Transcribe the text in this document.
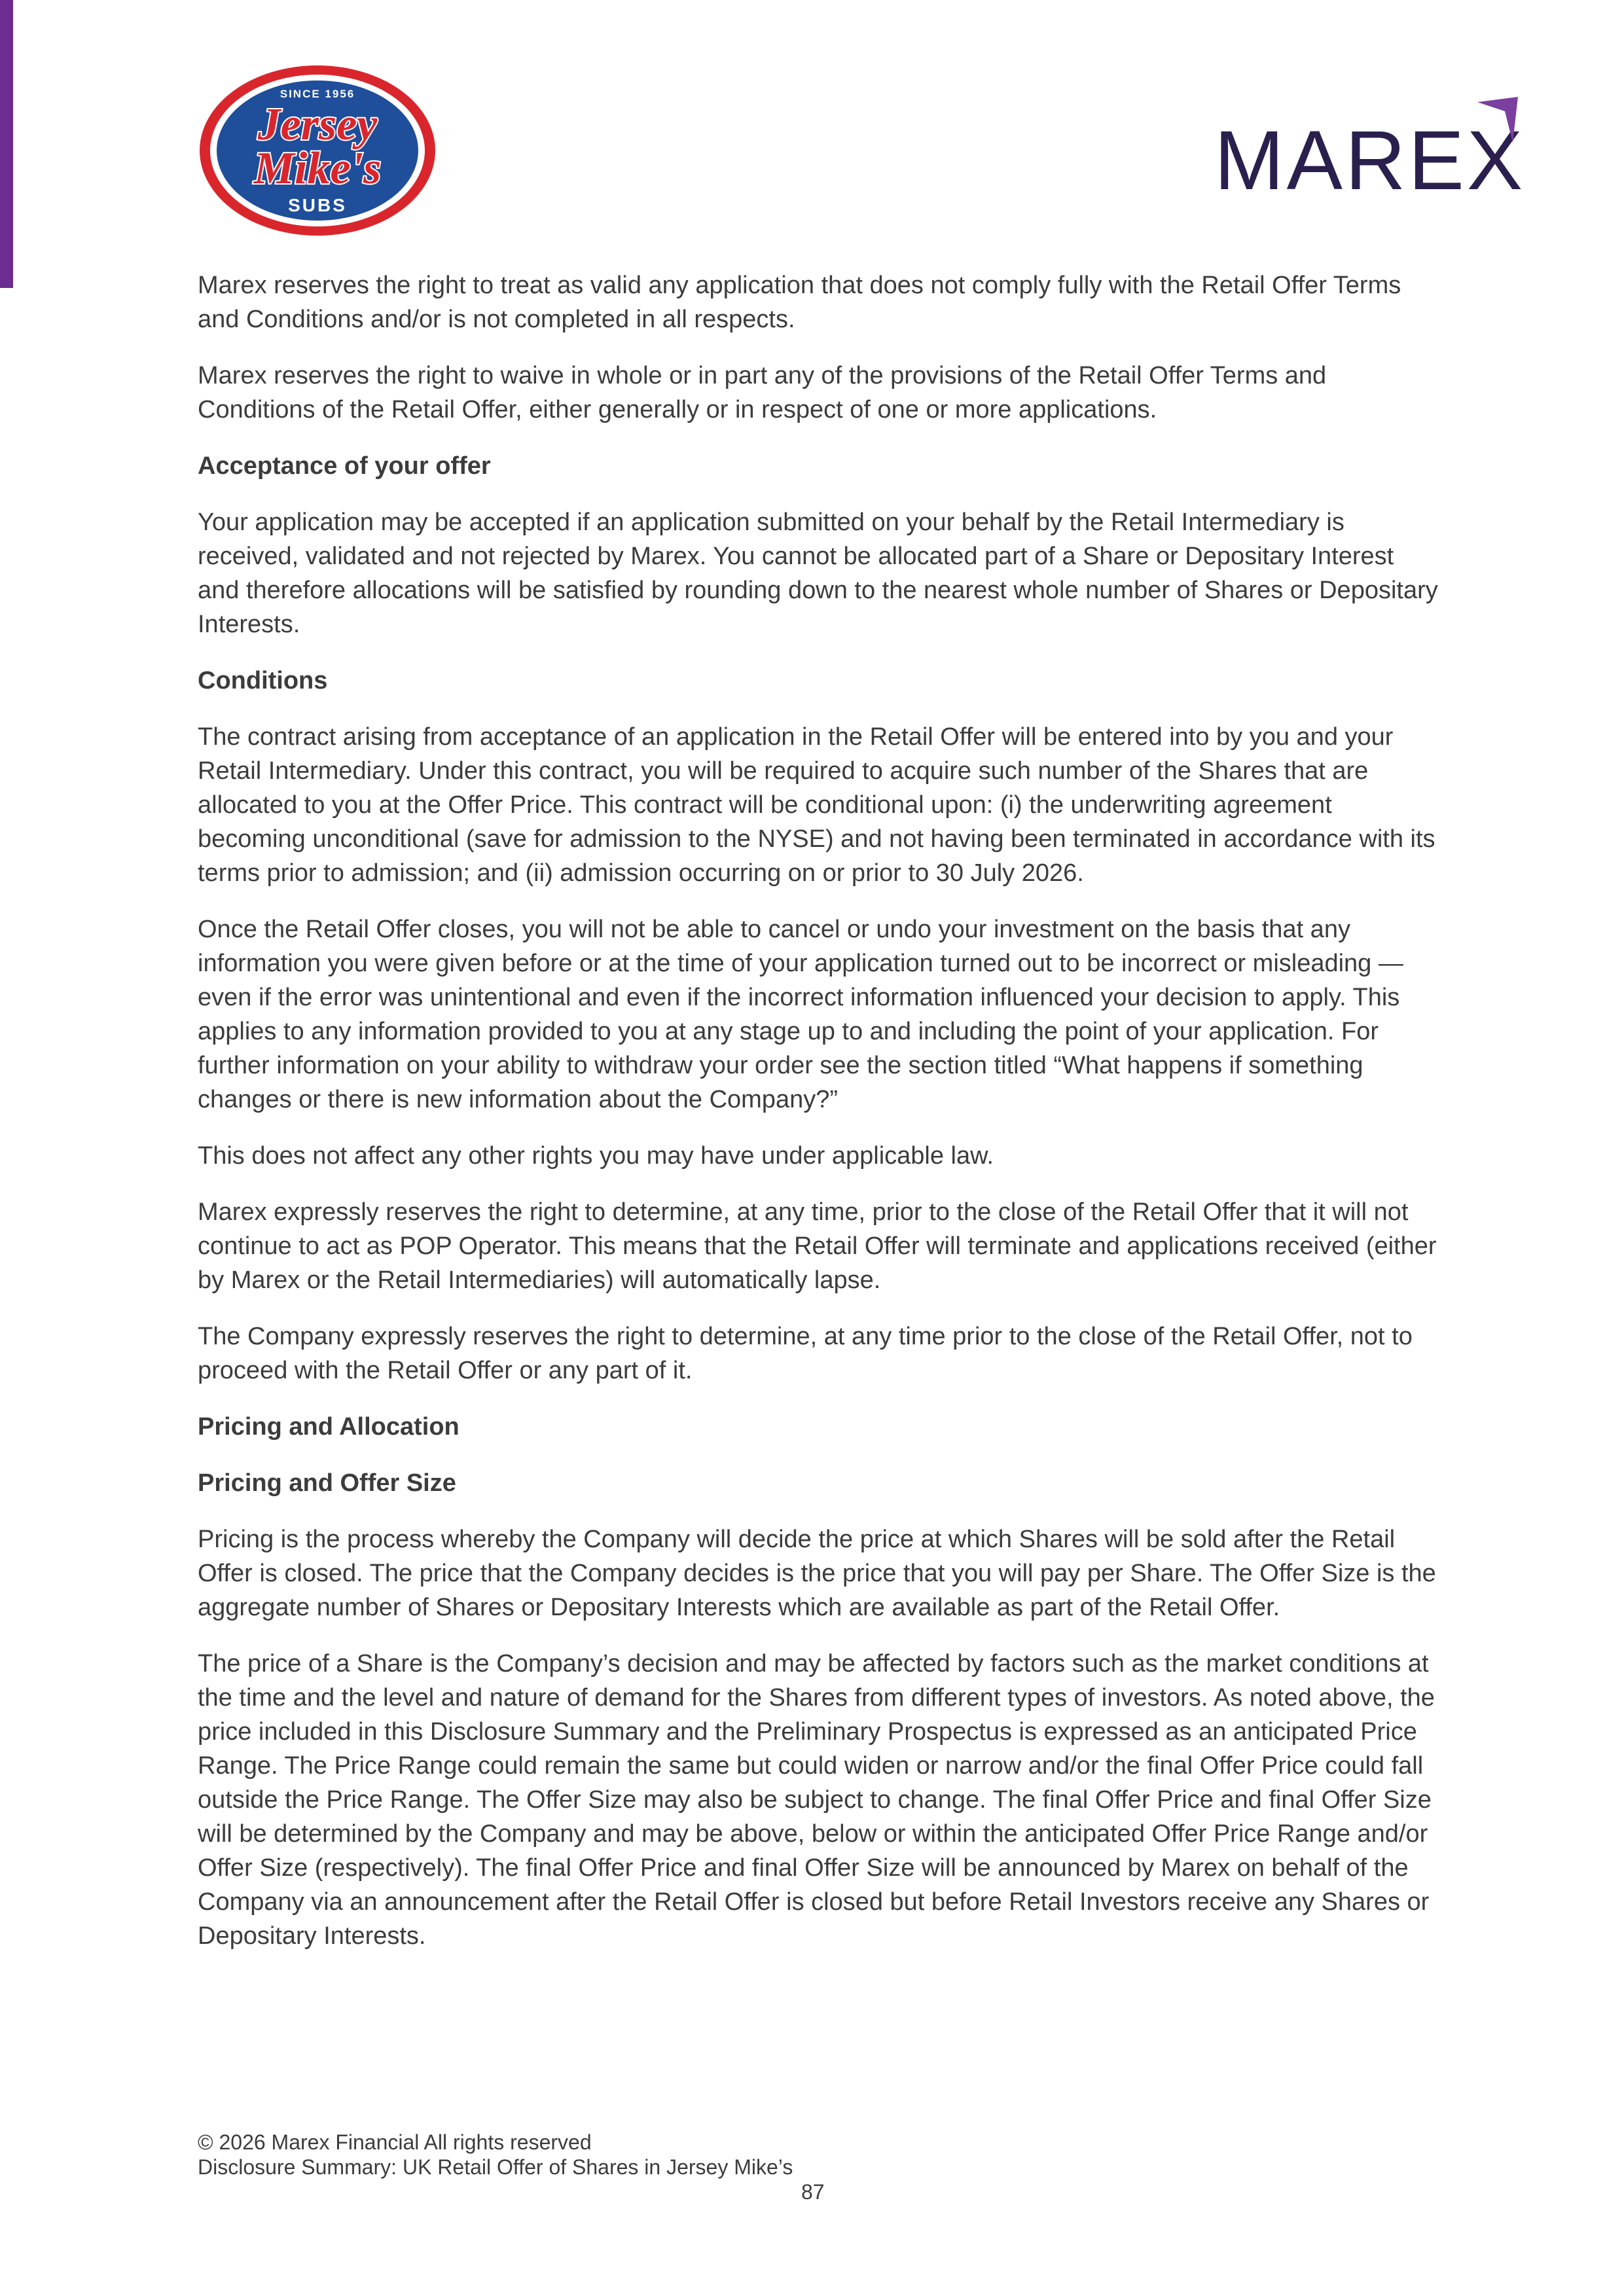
SINCE 1956
Jersey
Mike's
SUBS	MAREX

Marex reserves the right to treat as valid any application that does not comply fully with the Retail Offer Terms and Conditions and/or is not completed in all respects.

Marex reserves the right to waive in whole or in part any of the provisions of the Retail Offer Terms and Conditions of the Retail Offer, either generally or in respect of one or more applications.

Acceptance of your offer

Your application may be accepted if an application submitted on your behalf by the Retail Intermediary is received, validated and not rejected by Marex. You cannot be allocated part of a Share or Depositary Interest and therefore allocations will be satisfied by rounding down to the nearest whole number of Shares or Depositary Interests.

Conditions

The contract arising from acceptance of an application in the Retail Offer will be entered into by you and your Retail Intermediary. Under this contract, you will be required to acquire such number of the Shares that are allocated to you at the Offer Price. This contract will be conditional upon: (i) the underwriting agreement becoming unconditional (save for admission to the NYSE) and not having been terminated in accordance with its terms prior to admission; and (ii) admission occurring on or prior to 30 July 2026.

Once the Retail Offer closes, you will not be able to cancel or undo your investment on the basis that any information you were given before or at the time of your application turned out to be incorrect or misleading — even if the error was unintentional and even if the incorrect information influenced your decision to apply. This applies to any information provided to you at any stage up to and including the point of your application. For further information on your ability to withdraw your order see the section titled “What happens if something changes or there is new information about the Company?”

This does not affect any other rights you may have under applicable law.

Marex expressly reserves the right to determine, at any time, prior to the close of the Retail Offer that it will not continue to act as POP Operator. This means that the Retail Offer will terminate and applications received (either by Marex or the Retail Intermediaries) will automatically lapse.

The Company expressly reserves the right to determine, at any time prior to the close of the Retail Offer, not to proceed with the Retail Offer or any part of it.

Pricing and Allocation
Pricing and Offer Size

Pricing is the process whereby the Company will decide the price at which Shares will be sold after the Retail Offer is closed. The price that the Company decides is the price that you will pay per Share. The Offer Size is the aggregate number of Shares or Depositary Interests which are available as part of the Retail Offer.

The price of a Share is the Company’s decision and may be affected by factors such as the market conditions at the time and the level and nature of demand for the Shares from different types of investors. As noted above, the price included in this Disclosure Summary and the Preliminary Prospectus is expressed as an anticipated Price Range. The Price Range could remain the same but could widen or narrow and/or the final Offer Price could fall outside the Price Range. The Offer Size may also be subject to change. The final Offer Price and final Offer Size will be determined by the Company and may be above, below or within the anticipated Offer Price Range and/or Offer Size (respectively). The final Offer Price and final Offer Size will be announced by Marex on behalf of the Company via an announcement after the Retail Offer is closed but before Retail Investors receive any Shares or Depositary Interests.

© 2026 Marex Financial All rights reserved
Disclosure Summary: UK Retail Offer of Shares in Jersey Mike’s
87
